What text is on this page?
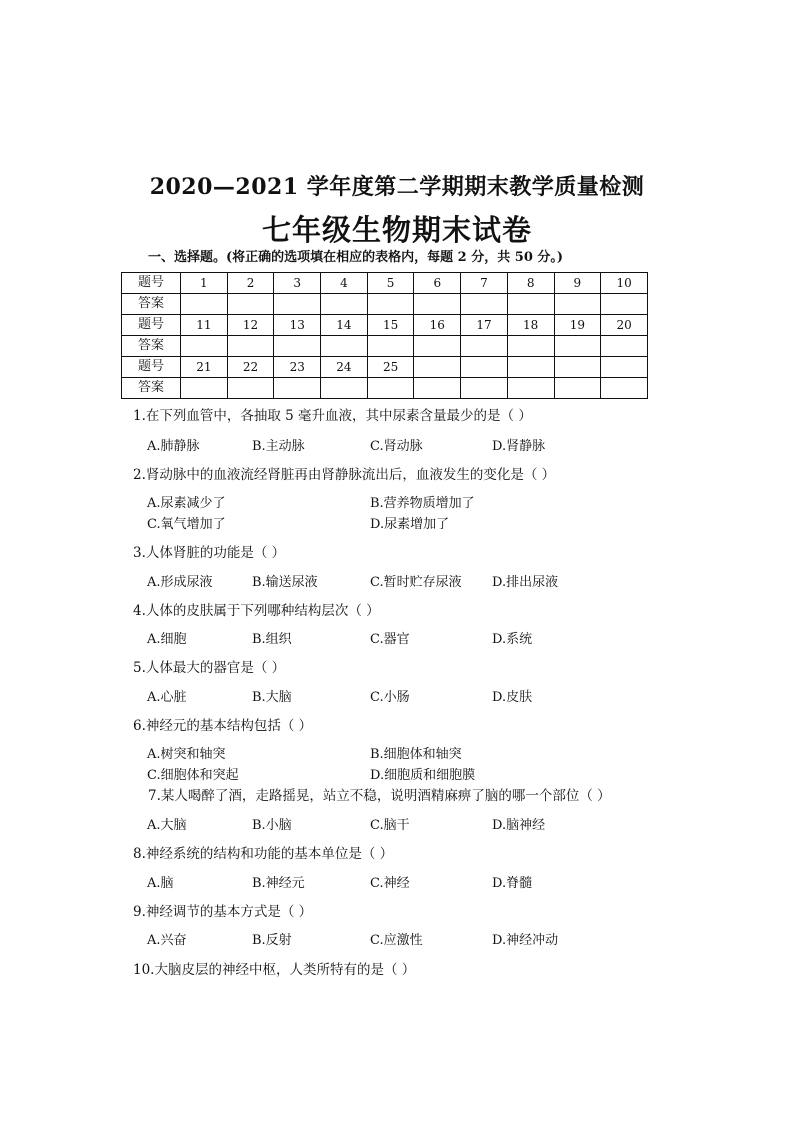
2020—2021 学年度第二学期期末教学质量检测
七年级生物期末试卷
一、选择题。(将正确的选项填在相应的表格内，每题 2 分，共 50 分。)
题号	1	2	3	4	5	6	7	8	9	10
答案										
题号	11	12	13	14	15	16	17	18	19	20
答案										
题号	21	22	23	24	25					
答案										
1.在下列血管中，各抽取 5 毫升血液，其中尿素含量最少的是（ ）
A.肺静脉	B.主动脉	C.肾动脉	D.肾静脉
2.肾动脉中的血液流经肾脏再由肾静脉流出后，血液发生的变化是（ ）
A.尿素减少了	B.营养物质增加了
C.氧气增加了	D.尿素增加了
3.人体肾脏的功能是（ ）
A.形成尿液	B.输送尿液	C.暂时贮存尿液 D.排出尿液
4.人体的皮肤属于下列哪种结构层次（ ）
A.细胞	B.组织	C.器官	D.系统
5.人体最大的器官是（ ）
A.心脏	B.大脑	C.小肠	D.皮肤
6.神经元的基本结构包括（ ）
A.树突和轴突	B.细胞体和轴突
C.细胞体和突起	D.细胞质和细胞膜
7.某人喝醉了酒，走路摇晃，站立不稳，说明酒精麻痹了脑的哪一个部位（ ）
A.大脑	B.小脑	C.脑干	D.脑神经
8.神经系统的结构和功能的基本单位是（ ）
A.脑	B.神经元	C.神经	D.脊髓
9.神经调节的基本方式是（ ）
A.兴奋	B.反射	C.应激性	D.神经冲动
10.大脑皮层的神经中枢，人类所特有的是（ ）
